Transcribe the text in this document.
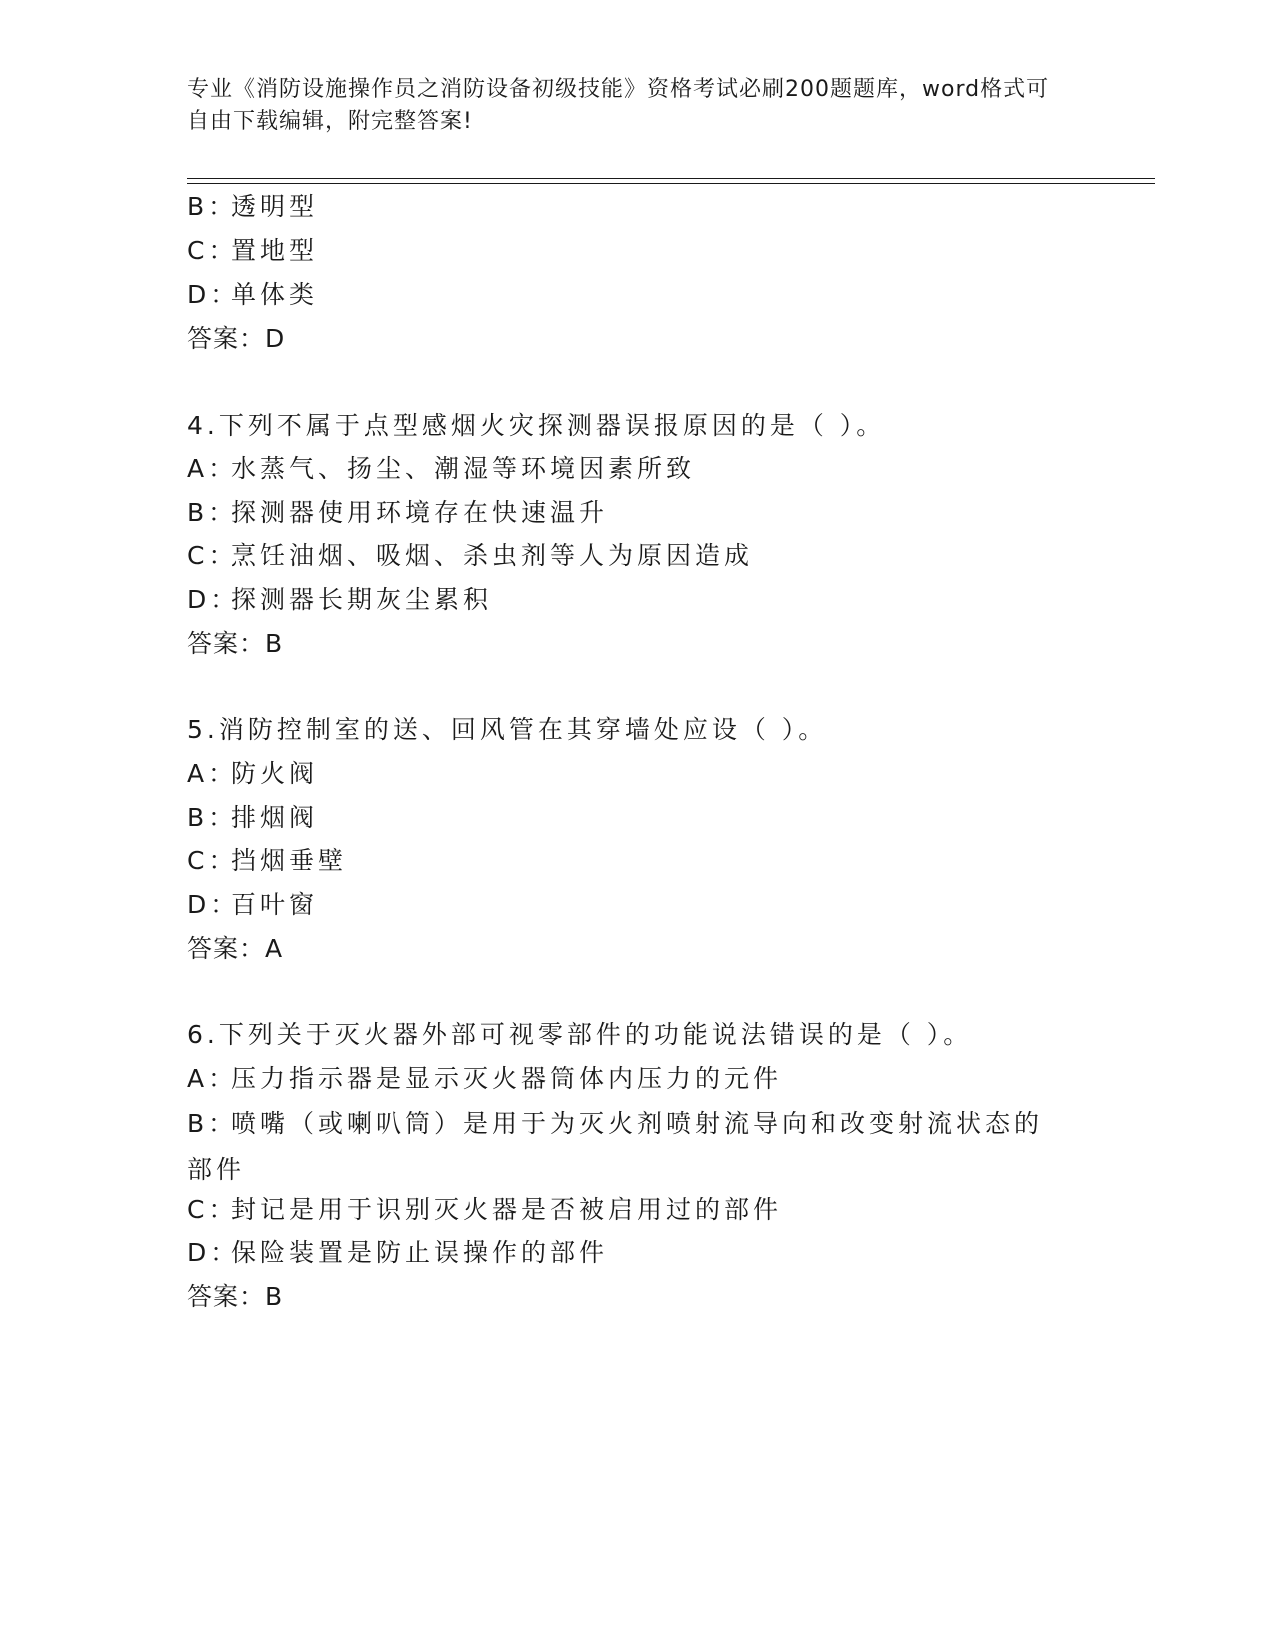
专业《消防设施操作员之消防设备初级技能》资格考试必刷200题题库，word格式可自由下载编辑，附完整答案!
B：透明型
C：置地型
D：单体类
答案：D
4.下列不属于点型感烟火灾探测器误报原因的是（ ）。
A：水蒸气、扬尘、潮湿等环境因素所致
B：探测器使用环境存在快速温升
C：烹饪油烟、吸烟、杀虫剂等人为原因造成
D：探测器长期灰尘累积
答案：B
5.消防控制室的送、回风管在其穿墙处应设（ ）。
A：防火阀
B：排烟阀
C：挡烟垂壁
D：百叶窗
答案：A
6.下列关于灭火器外部可视零部件的功能说法错误的是（ ）。
A：压力指示器是显示灭火器筒体内压力的元件
B：喷嘴（或喇叭筒）是用于为灭火剂喷射流导向和改变射流状态的部件
C：封记是用于识别灭火器是否被启用过的部件
D：保险装置是防止误操作的部件
答案：B
